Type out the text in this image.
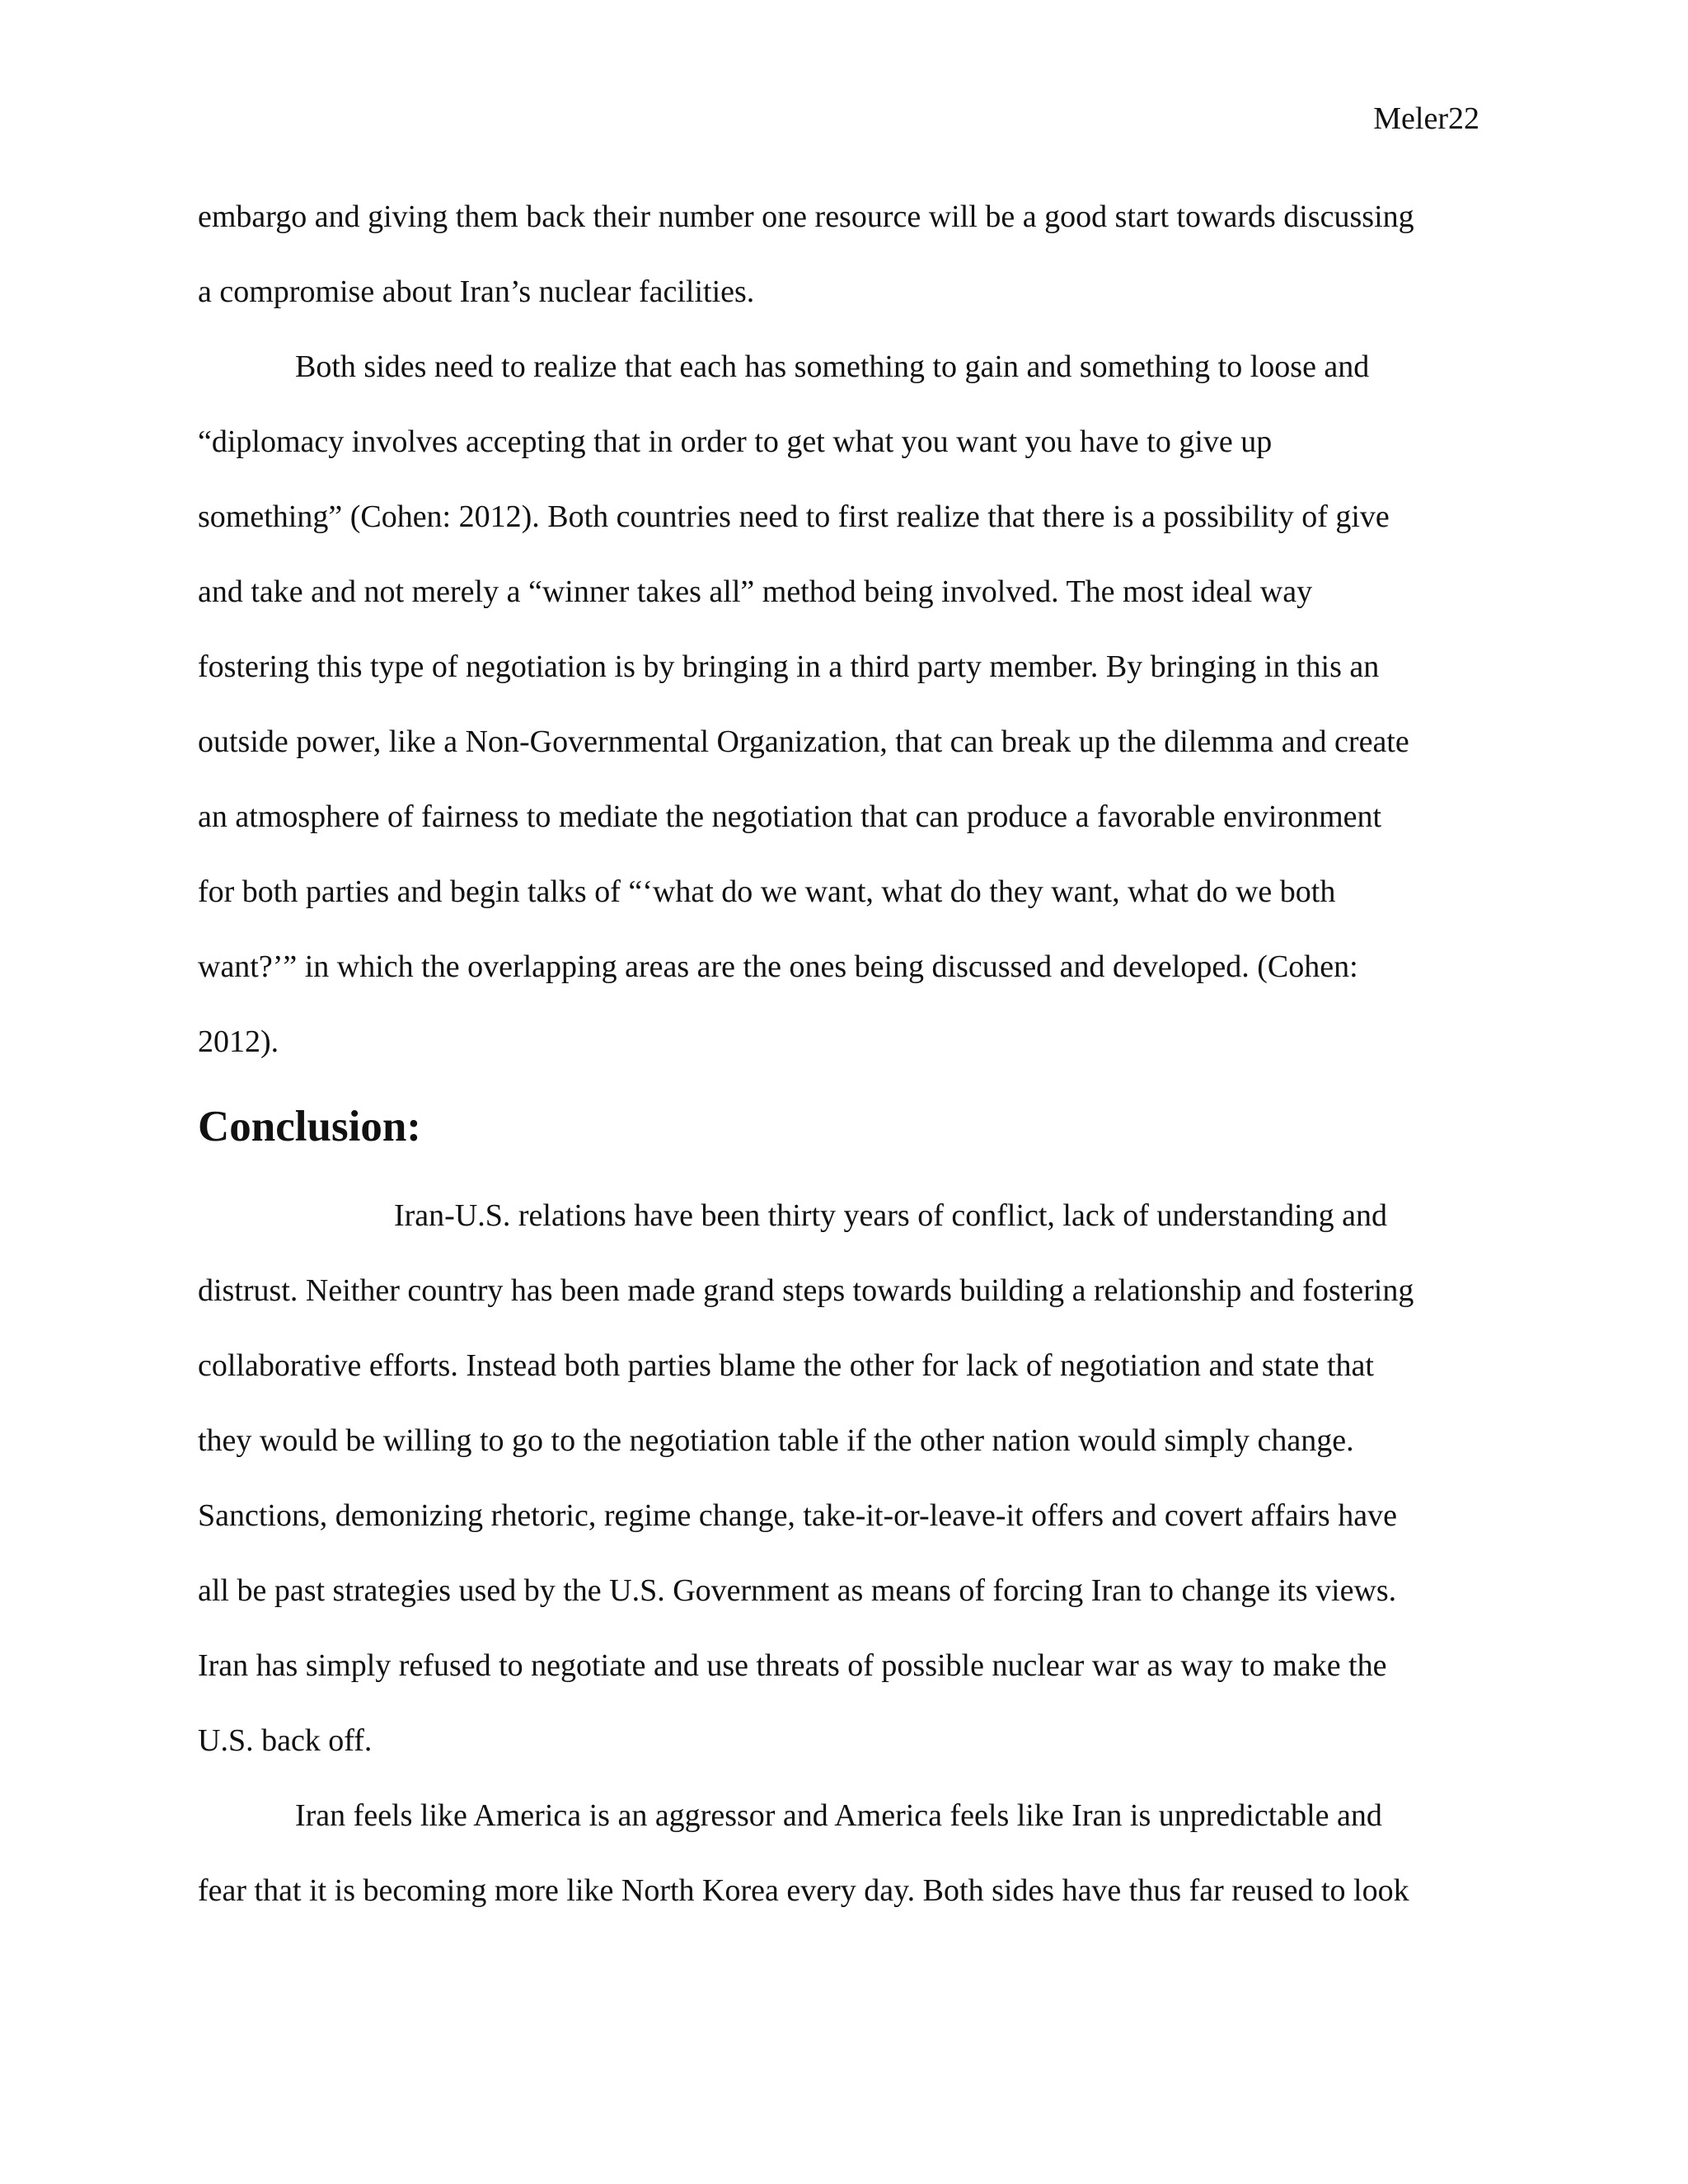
Meler22
embargo and giving them back their number one resource will be a good start towards discussing
a compromise about Iran’s nuclear facilities.
Both sides need to realize that each has something to gain and something to loose and
“diplomacy involves accepting that in order to get what you want you have to give up
something” (Cohen: 2012). Both countries need to first realize that there is a possibility of give
and take and not merely a “winner takes all” method being involved. The most ideal way
fostering this type of negotiation is by bringing in a third party member. By bringing in this an
outside power, like a Non-Governmental Organization, that can break up the dilemma and create
an atmosphere of fairness to mediate the negotiation that can produce a favorable environment
for both parties and begin talks of “‘what do we want, what do they want, what do we both
want?’” in which the overlapping areas are the ones being discussed and developed. (Cohen:
2012).
Conclusion:
Iran-U.S. relations have been thirty years of conflict, lack of understanding and
distrust. Neither country has been made grand steps towards building a relationship and fostering
collaborative efforts. Instead both parties blame the other for lack of negotiation and state that
they would be willing to go to the negotiation table if the other nation would simply change.
Sanctions, demonizing rhetoric, regime change, take-it-or-leave-it offers and covert affairs have
all be past strategies used by the U.S. Government as means of forcing Iran to change its views.
Iran has simply refused to negotiate and use threats of possible nuclear war as way to make the
U.S. back off.
Iran feels like America is an aggressor and America feels like Iran is unpredictable and
fear that it is becoming more like North Korea every day. Both sides have thus far reused to look
